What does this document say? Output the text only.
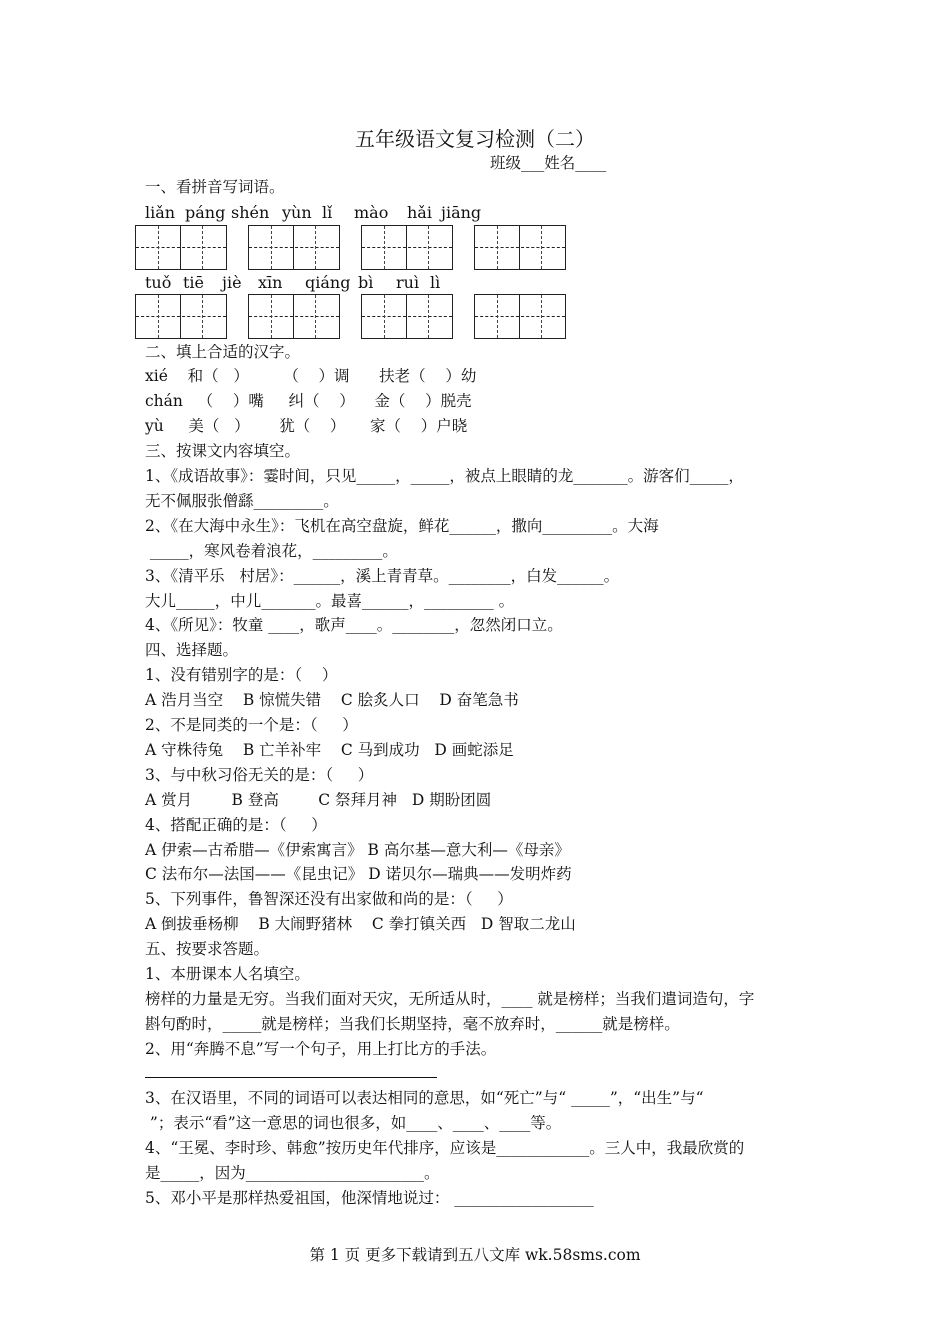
五年级语文复习检测（二）
班级___姓名____
一、看拼音写词语。
liǎn páng shén yùn lǐ mào hǎi jiāng
tuǒ tiē jiè xīn qiáng bì ruì lì
二、填上合适的汉字。
xié    和（   ）       （    ）调      扶老（    ）幼
chán   （    ）嘴     纠（    ）    金（    ）脱壳
yù     美（   ）      犹（    ）     家（    ）户晓
三、按课文内容填空。
1、《成语故事》：霎时间，只见_____，_____，被点上眼睛的龙_______。游客们_____，
无不佩服张僧繇_________。
2、《在大海中永生》：飞机在高空盘旋，鲜花______，撒向_________。大海
_____，寒风卷着浪花，_________。
3、《清平乐   村居》：______，溪上青青草。________，白发______。
大儿_____，中儿_______。最喜______，_________ 。
4、《所见》：牧童 ____，歌声____。________，忽然闭口立。
四、选择题。
1、没有错别字的是：（    ）
A 浩月当空    B 惊慌失错    C 脍炙人口    D 奋笔急书
2、不是同类的一个是：（     ）
A 守株待兔    B 亡羊补牢    C 马到成功   D 画蛇添足
3、与中秋习俗无关的是：（     ）
A 赏月        B 登高        C 祭拜月神   D 期盼团圆
4、搭配正确的是：（     ）
A 伊索—古希腊—《伊索寓言》 B 高尔基—意大利—《母亲》
C 法布尔—法国——《昆虫记》 D 诺贝尔—瑞典——发明炸药
5、下列事件，鲁智深还没有出家做和尚的是：（     ）
A 倒拔垂杨柳    B 大闹野猪林    C 拳打镇关西   D 智取二龙山
五、按要求答题。
1、本册课本人名填空。
榜样的力量是无穷。当我们面对天灾，无所适从时，____ 就是榜样；当我们遣词造句，字
斟句酌时，_____就是榜样；当我们长期坚持，毫不放弃时，______就是榜样。
2、用“奔腾不息”写一个句子，用上打比方的手法。
3、在汉语里，不同的词语可以表达相同的意思，如“死亡”与“ _____”，“出生”与“
”；表示“看”这一意思的词也很多，如____、____、____等。
4、“王冕、李时珍、韩愈”按历史年代排序，应该是____________。三人中，我最欣赏的
是_____，因为_______________________。
5、邓小平是那样热爱祖国，他深情地说过： __________________
第 1 页 更多下载请到五八文库 wk.58sms.com
